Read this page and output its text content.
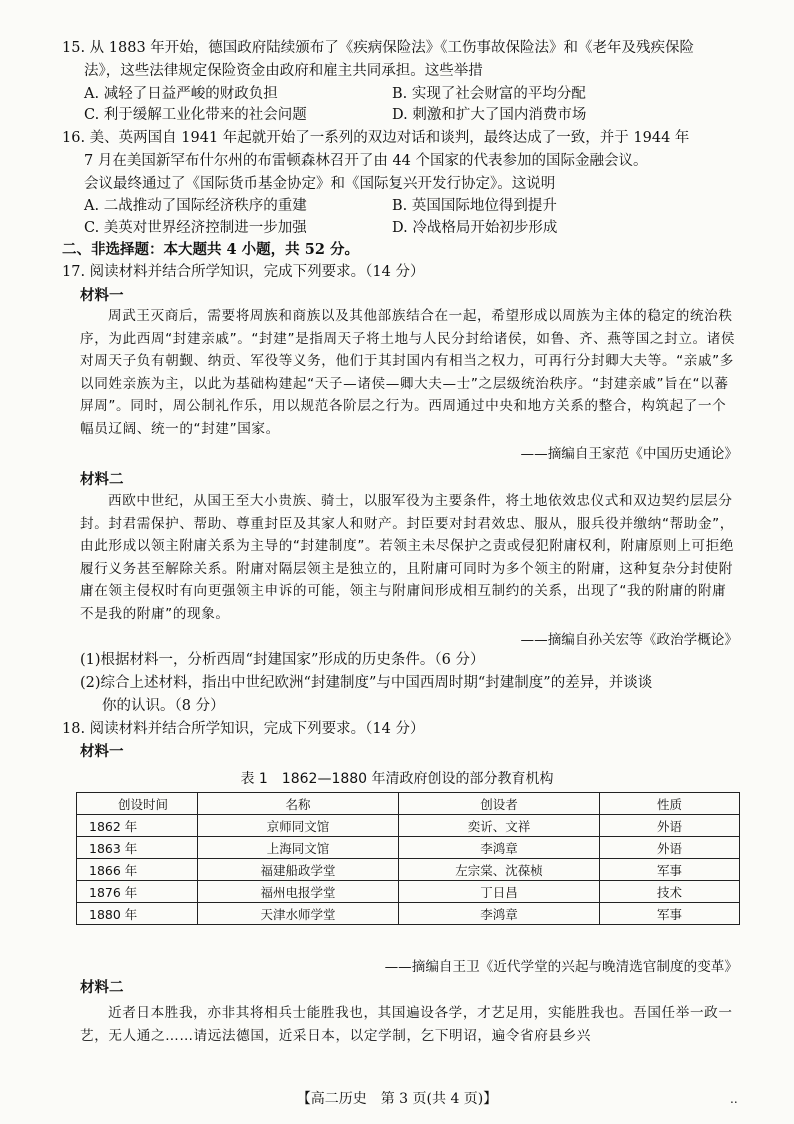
15. 从 1883 年开始，德国政府陆续颁布了《疾病保险法》《工伤事故保险法》和《老年及残疾保险
法》，这些法律规定保险资金由政府和雇主共同承担。这些举措
A. 减轻了日益严峻的财政负担	B. 实现了社会财富的平均分配
C. 利于缓解工业化带来的社会问题	D. 刺激和扩大了国内消费市场
16. 美、英两国自 1941 年起就开始了一系列的双边对话和谈判，最终达成了一致，并于 1944 年
7 月在美国新罕布什尔州的布雷顿森林召开了由 44 个国家的代表参加的国际金融会议。
会议最终通过了《国际货币基金协定》和《国际复兴开发行协定》。这说明
A. 二战推动了国际经济秩序的重建	B. 英国国际地位得到提升
C. 美英对世界经济控制进一步加强	D. 冷战格局开始初步形成
二、非选择题：本大题共 4 小题，共 52 分。
17. 阅读材料并结合所学知识，完成下列要求。（14 分）
材料一
周武王灭商后，需要将周族和商族以及其他部族结合在一起，希望形成以周族为主体的稳定的统治秩序，为此西周“封建亲戚”。“封建”是指周天子将土地与人民分封给诸侯，如鲁、齐、燕等国之封立。诸侯对周天子负有朝觐、纳贡、军役等义务，他们于其封国内有相当之权力，可再行分封卿大夫等。“亲戚”多以同姓亲族为主，以此为基础构建起“天子—诸侯—卿大夫—士”之层级统治秩序。“封建亲戚”旨在“以蕃屏周”。同时，周公制礼作乐，用以规范各阶层之行为。西周通过中央和地方关系的整合，构筑起了一个幅员辽阔、统一的“封建”国家。
——摘编自王家范《中国历史通论》
材料二
西欧中世纪，从国王至大小贵族、骑士，以服军役为主要条件，将土地依效忠仪式和双边契约层层分封。封君需保护、帮助、尊重封臣及其家人和财产。封臣要对封君效忠、服从，服兵役并缴纳“帮助金”，由此形成以领主附庸关系为主导的“封建制度”。若领主未尽保护之责或侵犯附庸权利，附庸原则上可拒绝履行义务甚至解除关系。附庸对隔层领主是独立的，且附庸可同时为多个领主的附庸，这种复杂分封使附庸在领主侵权时有向更强领主申诉的可能，领主与附庸间形成相互制约的关系，出现了“我的附庸的附庸不是我的附庸”的现象。
——摘编自孙关宏等《政治学概论》
(1)根据材料一，分析西周“封建国家”形成的历史条件。（6 分）
(2)综合上述材料，指出中世纪欧洲“封建制度”与中国西周时期“封建制度”的差异，并谈谈
你的认识。（8 分）
18. 阅读材料并结合所学知识，完成下列要求。（14 分）
材料一
表 1　1862—1880 年清政府创设的部分教育机构
创设时间	名称	创设者	性质
1862 年	京师同文馆	奕䜣、文祥	外语
1863 年	上海同文馆	李鸿章	外语
1866 年	福建船政学堂	左宗棠、沈葆桢	军事
1876 年	福州电报学堂	丁日昌	技术
1880 年	天津水师学堂	李鸿章	军事
——摘编自王卫《近代学堂的兴起与晚清选官制度的变革》
材料二
近者日本胜我，亦非其将相兵士能胜我也，其国遍设各学，才艺足用，实能胜我也。吾国任举一政一艺，无人通之……请远法德国，近采日本，以定学制，乞下明诏，遍令省府县乡兴
【高二历史　第 3 页(共 4 页)】	..
